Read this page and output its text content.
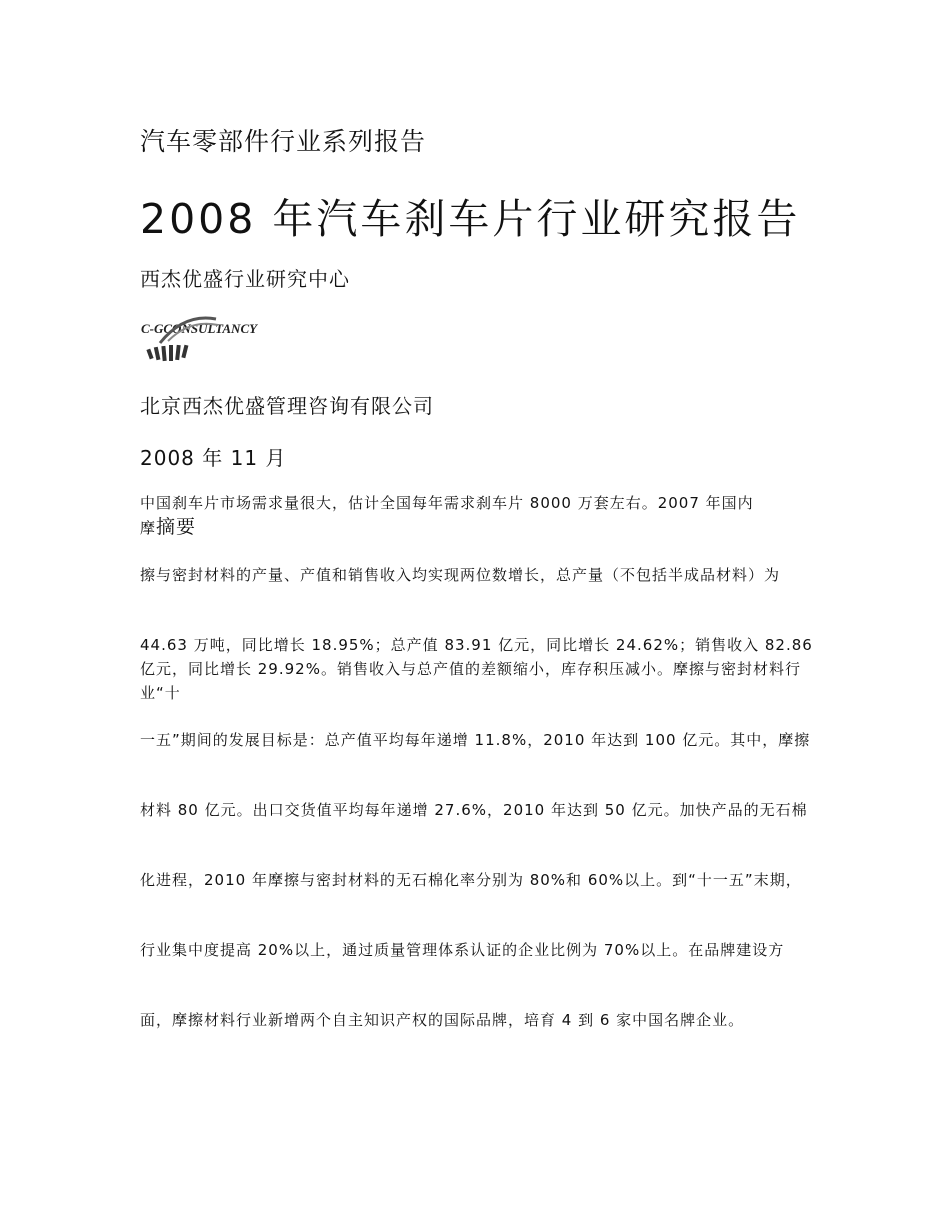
汽车零部件行业系列报告
2008 年汽车刹车片行业研究报告
西杰优盛行业研究中心
C-GCONSULTANCY
北京西杰优盛管理咨询有限公司
2008 年 11 月
中国刹车片市场需求量很大，估计全国每年需求刹车片 8000 万套左右。2007 年国内
摩摘要
擦与密封材料的产量、产值和销售收入均实现两位数增长，总产量（不包括半成品材料）为
44.63 万吨，同比增长 18.95%；总产值 83.91 亿元，同比增长 24.62%；销售收入 82.86 亿元，同比增长 29.92%。销售收入与总产值的差额缩小，库存积压减小。摩擦与密封材料行业“十
一五”期间的发展目标是：总产值平均每年递增 11.8%，2010 年达到 100 亿元。其中，摩擦
材料 80 亿元。出口交货值平均每年递增 27.6%，2010 年达到 50 亿元。加快产品的无石棉
化进程，2010 年摩擦与密封材料的无石棉化率分别为 80%和 60%以上。到“十一五”末期，
行业集中度提高 20%以上，通过质量管理体系认证的企业比例为 70%以上。在品牌建设方
面，摩擦材料行业新增两个自主知识产权的国际品牌，培育 4 到 6 家中国名牌企业。
